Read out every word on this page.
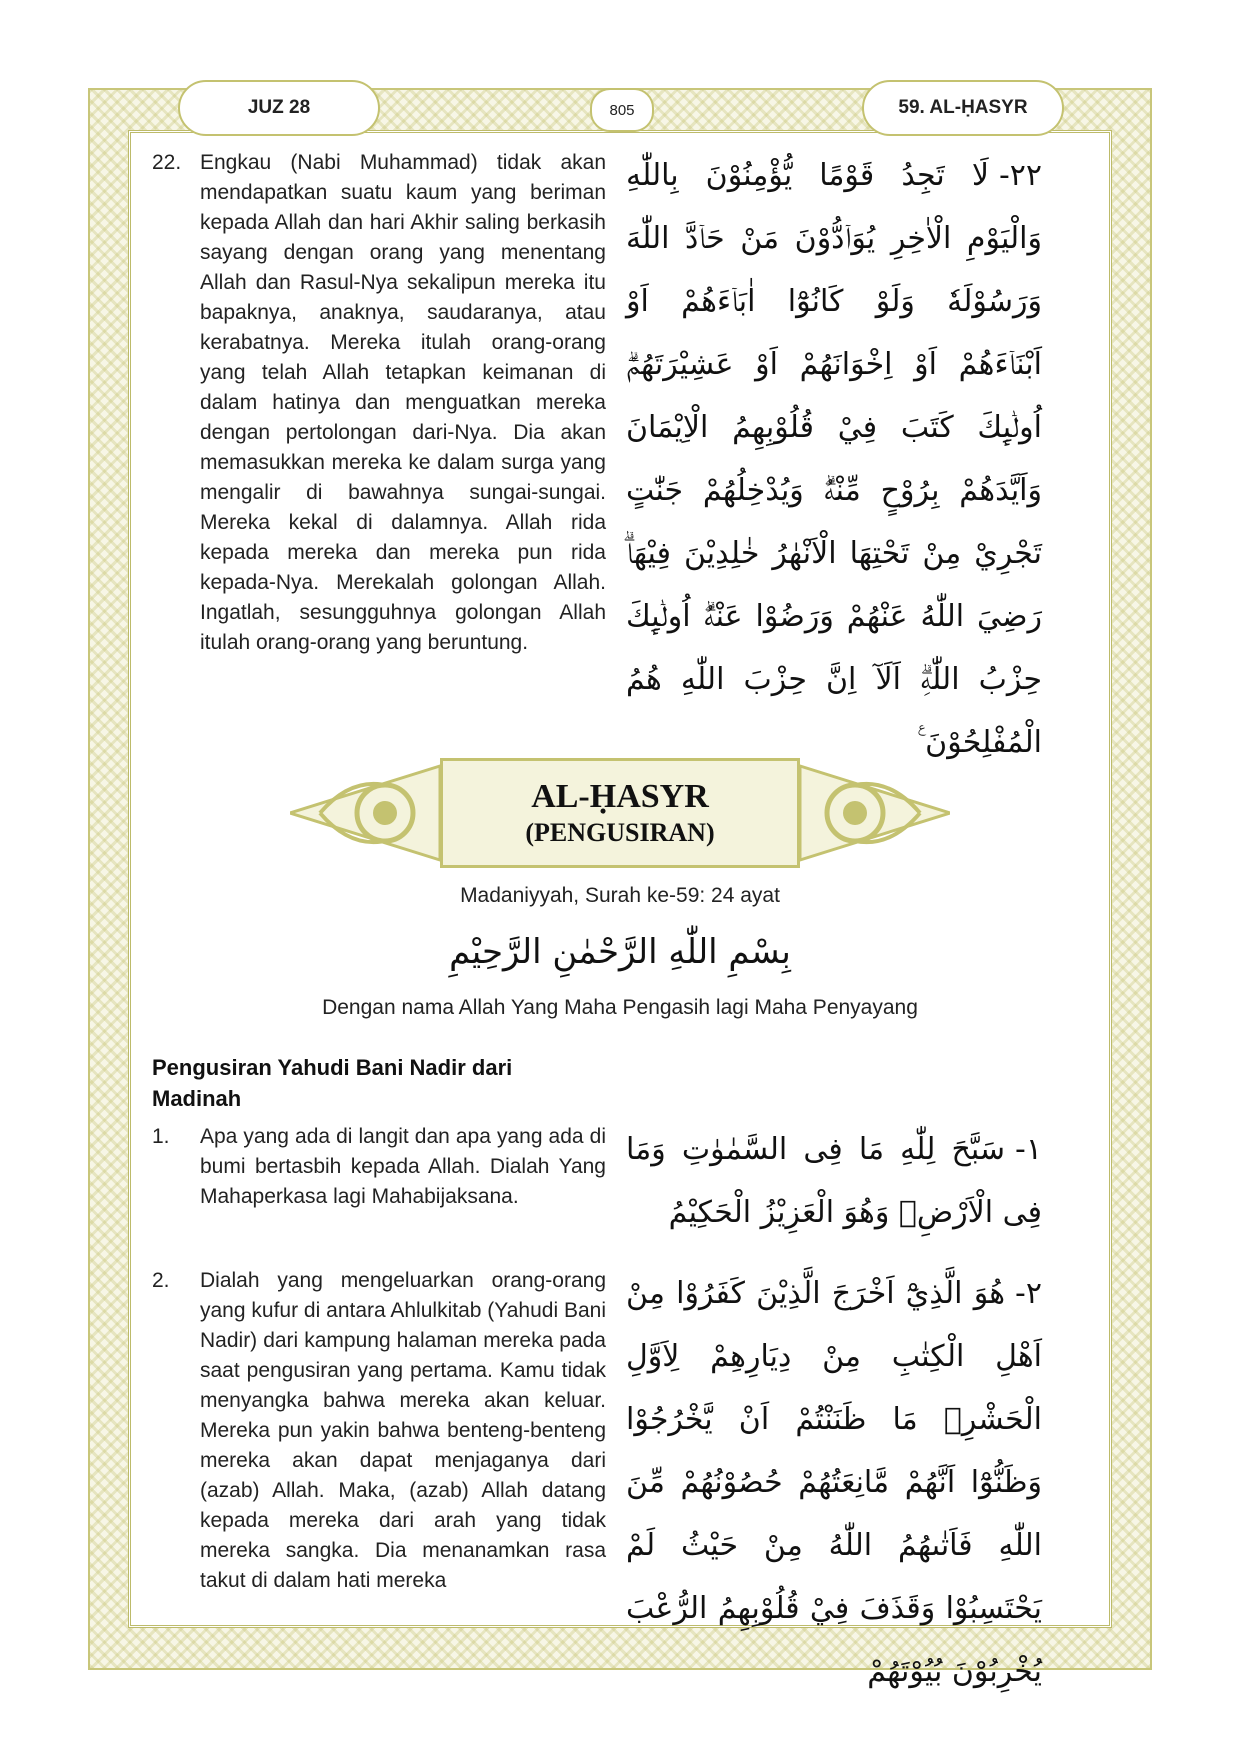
JUZ 28	805	59. AL-ḤASYR
22. Engkau (Nabi Muhammad) tidak akan mendapatkan suatu kaum yang beriman kepada Allah dan hari Akhir saling berkasih sayang dengan orang yang menentang Allah dan Rasul-Nya sekalipun mereka itu bapaknya, anaknya, saudaranya, atau kerabatnya. Mereka itulah orang-orang yang telah Allah tetapkan keimanan di dalam hatinya dan menguatkan mereka dengan pertolongan dari-Nya. Dia akan memasukkan mereka ke dalam surga yang mengalir di bawahnya sungai-sungai. Mereka kekal di dalamnya. Allah rida kepada mereka dan mereka pun rida kepada-Nya. Merekalah golongan Allah. Ingatlah, sesungguhnya golongan Allah itulah orang-orang yang beruntung.
٢٢-لَا تَجِدُ قَوْمًا يُّؤْمِنُوْنَ بِاللّٰهِ وَالْيَوْمِ الْاٰخِرِ يُوَاۤدُّوْنَ مَنْ حَاۤدَّ اللّٰهَ وَرَسُوْلَهٗ وَلَوْ كَانُوْٓا اٰبَاۤءَهُمْ اَوْ اَبْنَاۤءَهُمْ اَوْ اِخْوَانَهُمْ اَوْ عَشِيْرَتَهُمْۗ اُولٰۤىِٕكَ كَتَبَ فِيْ قُلُوْبِهِمُ الْاِيْمَانَ وَاَيَّدَهُمْ بِرُوْحٍ مِّنْهُۗ وَيُدْخِلُهُمْ جَنّٰتٍ تَجْرِيْ مِنْ تَحْتِهَا الْاَنْهٰرُ خٰلِدِيْنَ فِيْهَاۗ رَضِيَ اللّٰهُ عَنْهُمْ وَرَضُوْا عَنْهُۗ اُولٰۤىِٕكَ حِزْبُ اللّٰهِۗ اَلَآ اِنَّ حِزْبَ اللّٰهِ هُمُ الْمُفْلِحُوْنَ ࣖ
AL-ḤASYR
(PENGUSIRAN)
Madaniyyah, Surah ke-59: 24 ayat
بِسْمِ اللّٰهِ الرَّحْمٰنِ الرَّحِيْمِ
Dengan nama Allah Yang Maha Pengasih lagi Maha Penyayang
Pengusiran Yahudi Bani Nadir dari Madinah
1. Apa yang ada di langit dan apa yang ada di bumi bertasbih kepada Allah. Dialah Yang Mahaperkasa lagi Mahabijaksana.
١-سَبَّحَ لِلّٰهِ مَا فِى السَّمٰوٰتِ وَمَا فِى الْاَرْضِۚ وَهُوَ الْعَزِيْزُ الْحَكِيْمُ
2. Dialah yang mengeluarkan orang-orang yang kufur di antara Ahlulkitab (Yahudi Bani Nadir) dari kampung halaman mereka pada saat pengusiran yang pertama. Kamu tidak menyangka bahwa mereka akan keluar. Mereka pun yakin bahwa benteng-benteng mereka akan dapat menjaganya dari (azab) Allah. Maka, (azab) Allah datang kepada mereka dari arah yang tidak mereka sangka. Dia menanamkan rasa takut di dalam hati mereka
٢-هُوَ الَّذِيْٓ اَخْرَجَ الَّذِيْنَ كَفَرُوْا مِنْ اَهْلِ الْكِتٰبِ مِنْ دِيَارِهِمْ لِاَوَّلِ الْحَشْرِۗ مَا ظَنَنْتُمْ اَنْ يَّخْرُجُوْا وَظَنُّوْٓا اَنَّهُمْ مَّانِعَتُهُمْ حُصُوْنُهُمْ مِّنَ اللّٰهِ فَاَتٰىهُمُ اللّٰهُ مِنْ حَيْثُ لَمْ يَحْتَسِبُوْا وَقَذَفَ فِيْ قُلُوْبِهِمُ الرُّعْبَ يُخْرِبُوْنَ بُيُوْتَهُمْ
